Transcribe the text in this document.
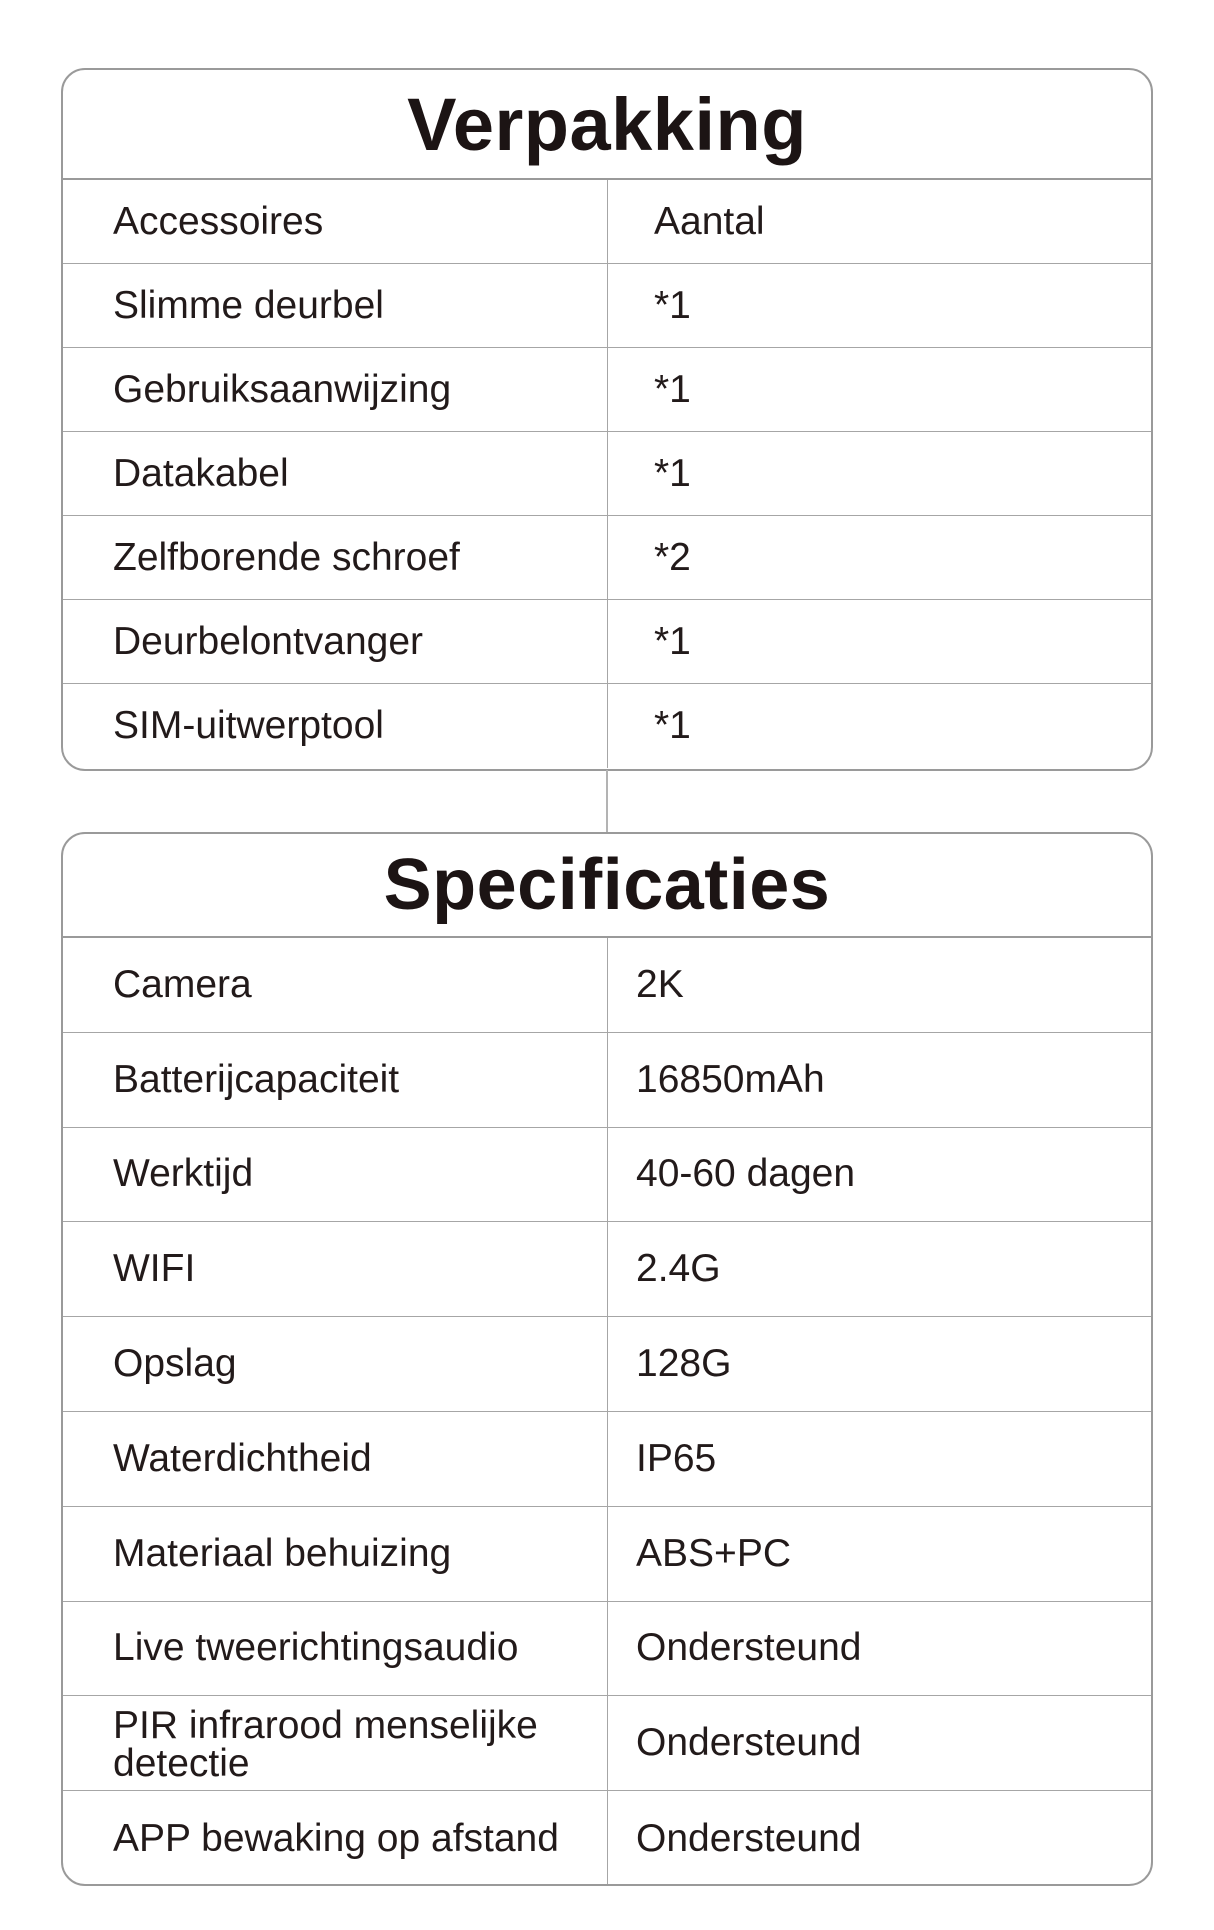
Verpakking
Accessoires	Aantal
Slimme deurbel	*1
Gebruiksaanwijzing	*1
Datakabel	*1
Zelfborende schroef	*2
Deurbelontvanger	*1
SIM-uitwerptool	*1
Specificaties
Camera	2K
Batterijcapaciteit	16850mAh
Werktijd	40-60 dagen
WIFI	2.4G
Opslag	128G
Waterdichtheid	IP65
Materiaal behuizing	ABS+PC
Live tweerichtingsaudio	Ondersteund
PIR infrarood menselijke detectie	Ondersteund
APP bewaking op afstand	Ondersteund
